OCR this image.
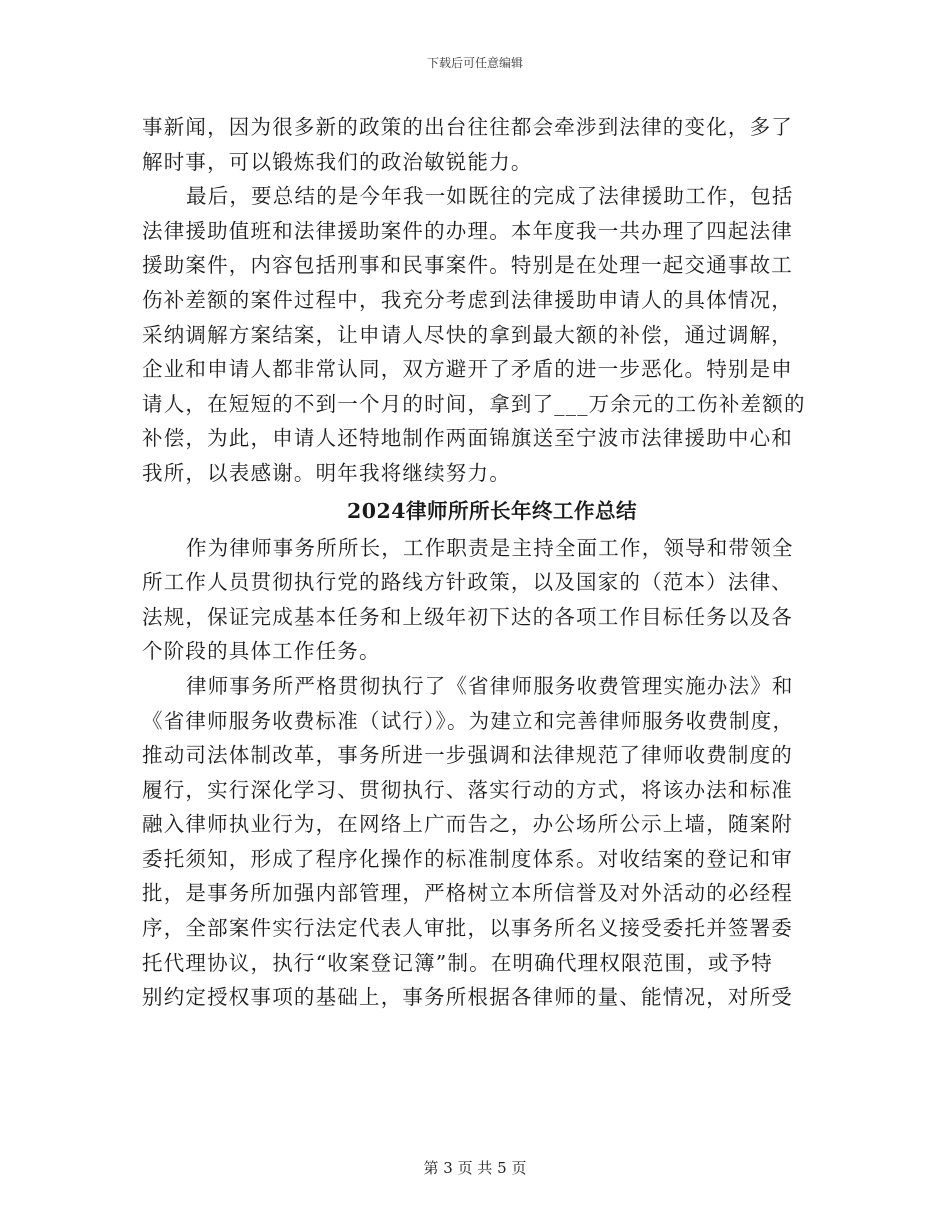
下载后可任意编辑
事新闻，因为很多新的政策的出台往往都会牵涉到法律的变化，多了
解时事，可以锻炼我们的政治敏锐能力。
最后，要总结的是今年我一如既往的完成了法律援助工作，包括
法律援助值班和法律援助案件的办理。本年度我一共办理了四起法律
援助案件，内容包括刑事和民事案件。特别是在处理一起交通事故工
伤补差额的案件过程中，我充分考虑到法律援助申请人的具体情况，
采纳调解方案结案，让申请人尽快的拿到最大额的补偿，通过调解，
企业和申请人都非常认同，双方避开了矛盾的进一步恶化。特别是申
请人，在短短的不到一个月的时间，拿到了___万余元的工伤补差额的
补偿，为此，申请人还特地制作两面锦旗送至宁波市法律援助中心和
我所，以表感谢。明年我将继续努力。
2024律师所所长年终工作总结
作为律师事务所所长，工作职责是主持全面工作，领导和带领全
所工作人员贯彻执行党的路线方针政策，以及国家的（范本）法律、
法规，保证完成基本任务和上级年初下达的各项工作目标任务以及各
个阶段的具体工作任务。
律师事务所严格贯彻执行了《省律师服务收费管理实施办法》和
《省律师服务收费标准（试行）》。为建立和完善律师服务收费制度，
推动司法体制改革，事务所进一步强调和法律规范了律师收费制度的
履行，实行深化学习、贯彻执行、落实行动的方式，将该办法和标准
融入律师执业行为，在网络上广而告之，办公场所公示上墙，随案附
委托须知，形成了程序化操作的标准制度体系。对收结案的登记和审
批，是事务所加强内部管理，严格树立本所信誉及对外活动的必经程
序，全部案件实行法定代表人审批，以事务所名义接受委托并签署委
托代理协议，执行“收案登记簿”制。在明确代理权限范围，或予特
别约定授权事项的基础上，事务所根据各律师的量、能情况，对所受
第 3 页 共 5 页
